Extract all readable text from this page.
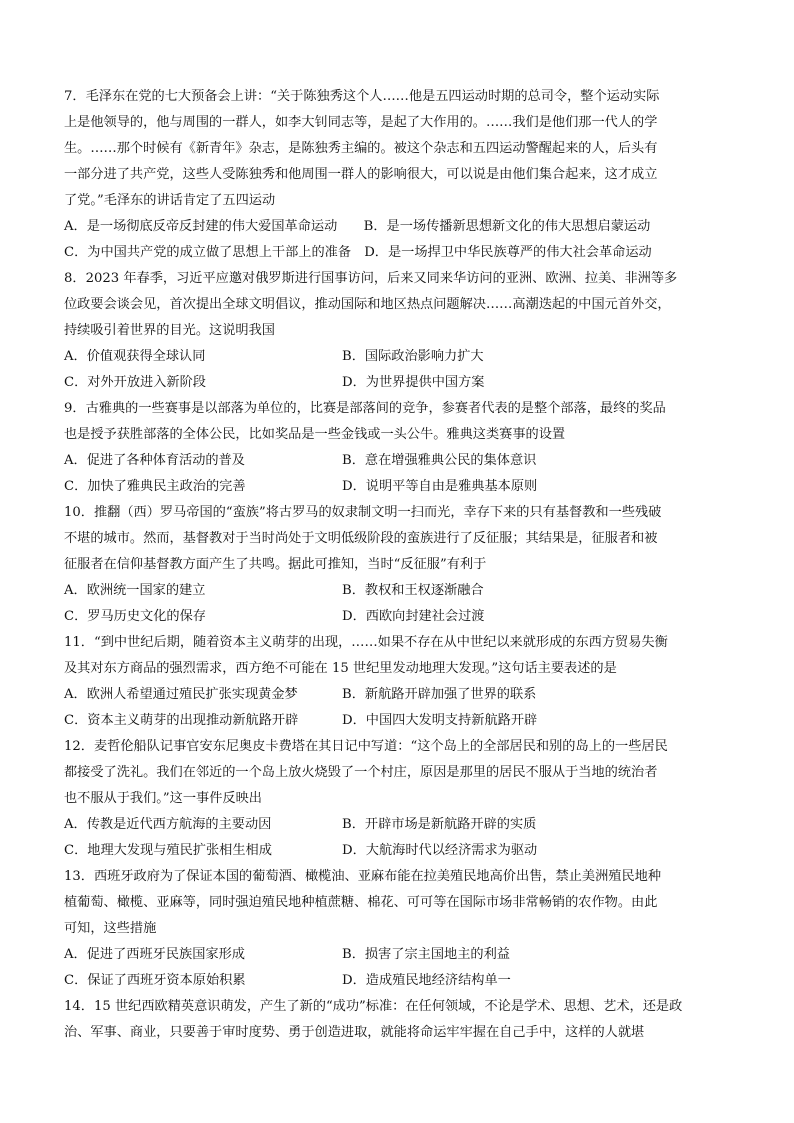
7．毛泽东在党的七大预备会上讲：“关于陈独秀这个人……他是五四运动时期的总司令，整个运动实际
上是他领导的，他与周围的一群人，如李大钊同志等，是起了大作用的。……我们是他们那一代人的学
生。……那个时候有《新青年》杂志，是陈独秀主编的。被这个杂志和五四运动警醒起来的人，后头有
一部分进了共产党，这些人受陈独秀和他周围一群人的影响很大，可以说是由他们集合起来，这才成立
了党。”毛泽东的讲话肯定了五四运动
A．是一场彻底反帝反封建的伟大爱国革命运动　　B．是一场传播新思想新文化的伟大思想启蒙运动
C．为中国共产党的成立做了思想上干部上的准备　D．是一场捍卫中华民族尊严的伟大社会革命运动
8．2023 年春季，习近平应邀对俄罗斯进行国事访问，后来又同来华访问的亚洲、欧洲、拉美、非洲等多
位政要会谈会见，首次提出全球文明倡议，推动国际和地区热点问题解决……高潮迭起的中国元首外交，
持续吸引着世界的目光。这说明我国
A．价值观获得全球认同	B．国际政治影响力扩大
C．对外开放进入新阶段	D．为世界提供中国方案
9．古雅典的一些赛事是以部落为单位的，比赛是部落间的竞争，参赛者代表的是整个部落，最终的奖品
也是授予获胜部落的全体公民，比如奖品是一些金钱或一头公牛。雅典这类赛事的设置
A．促进了各种体育活动的普及	B．意在增强雅典公民的集体意识
C．加快了雅典民主政治的完善	D．说明平等自由是雅典基本原则
10．推翻（西）罗马帝国的“蛮族”将古罗马的奴隶制文明一扫而光，幸存下来的只有基督教和一些残破
不堪的城市。然而，基督教对于当时尚处于文明低级阶段的蛮族进行了反征服；其结果是，征服者和被
征服者在信仰基督教方面产生了共鸣。据此可推知，当时“反征服”有利于
A．欧洲统一国家的建立	B．教权和王权逐渐融合
C．罗马历史文化的保存	D．西欧向封建社会过渡
11．“到中世纪后期，随着资本主义萌芽的出现，……如果不存在从中世纪以来就形成的东西方贸易失衡
及其对东方商品的强烈需求，西方绝不可能在 15 世纪里发动地理大发现。”这句话主要表述的是
A．欧洲人希望通过殖民扩张实现黄金梦	B．新航路开辟加强了世界的联系
C．资本主义萌芽的出现推动新航路开辟	D．中国四大发明支持新航路开辟
12．麦哲伦船队记事官安东尼奥皮卡费塔在其日记中写道：“这个岛上的全部居民和别的岛上的一些居民
都接受了洗礼。我们在邻近的一个岛上放火烧毁了一个村庄，原因是那里的居民不服从于当地的统治者
也不服从于我们。”这一事件反映出
A．传教是近代西方航海的主要动因	B．开辟市场是新航路开辟的实质
C．地理大发现与殖民扩张相生相成	D．大航海时代以经济需求为驱动
13．西班牙政府为了保证本国的葡萄酒、橄榄油、亚麻布能在拉美殖民地高价出售，禁止美洲殖民地种
植葡萄、橄榄、亚麻等，同时强迫殖民地种植蔗糖、棉花、可可等在国际市场非常畅销的农作物。由此
可知，这些措施
A．促进了西班牙民族国家形成	B．损害了宗主国地主的利益
C．保证了西班牙资本原始积累	D．造成殖民地经济结构单一
14．15 世纪西欧精英意识萌发，产生了新的“成功”标准：在任何领域，不论是学术、思想、艺术，还是政
治、军事、商业，只要善于审时度势、勇于创造进取，就能将命运牢牢握在自己手中，这样的人就堪
